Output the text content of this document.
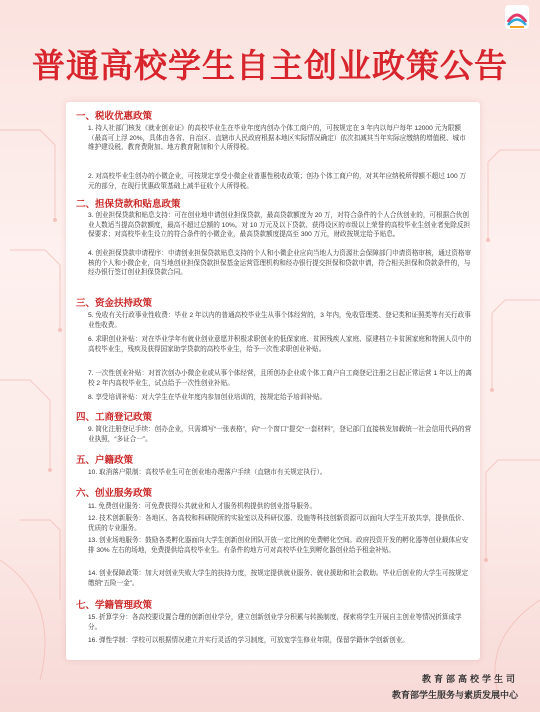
普通高校学生自主创业政策公告
一、税收优惠政策
1. 持人社部门核发《就业创业证》的高校毕业生在毕业年度内创办个体工商户的，可按规定在 3 年内以每户每年 12000 元为限额（最高可上浮 20%，具体由各省、自治区、直辖市人民政府根据本地区实际情况确定）依次扣减其当年实际应缴纳的增值税、城市维护建设税、教育费附加、地方教育附加和个人所得税。
2. 对高校毕业生创办的小微企业，可按规定享受小微企业普惠性税收政策；创办个体工商户的，对其年应纳税所得额不超过 100 万元的部分，在现行优惠政策基础上减半征收个人所得税。
二、担保贷款和贴息政策
3. 创业担保贷款和贴息支持：可在创业地申请创业担保贷款，最高贷款额度为 20 万，对符合条件的个人合伙创业的，可根据合伙创业人数适当提高贷款额度，最高不超过总额的 10%。对 10 万元及以下贷款、获得设区的市级以上荣誉的高校毕业生创业者免除反担保要求；对高校毕业生设立的符合条件的小微企业，最高贷款额度提高至 300 万元，财政按规定给予贴息。
4. 创业担保贷款申请程序：申请创业担保贷款贴息支持的个人和小微企业应向当地人力资源社会保障部门申请资格审核，通过资格审核的个人和小微企业，向当地创业担保贷款担保基金运营管理机构和经办银行提交担保和贷款申请，符合相关担保和贷款条件的，与经办银行签订创业担保贷款合同。
三、资金扶持政策
5. 免收有关行政事业性收费：毕业 2 年以内的普通高校毕业生从事个体经营的，3 年内，免收管理类、登记类和证照类等有关行政事业性收费。
6. 求职创业补贴：对在毕业学年有就业创业意愿并积极求职创业的低保家庭、贫困残疾人家庭、原建档立卡贫困家庭和特困人员中的高校毕业生，残疾及获得国家助学贷款的高校毕业生，给予一次性求职创业补贴。
7. 一次性创业补贴：对首次创办小微企业或从事个体经营，且所创办企业或个体工商户自工商登记注册之日起正常运营 1 年以上的离校 2 年内高校毕业生，试点给予一次性创业补贴。
8. 享受培训补贴：对大学生在毕业年度内参加创业培训的，按规定给予培训补贴。
四、工商登记政策
9. 简化注册登记手续：创办企业，只需填写“一张表格”，向“一个窗口”提交“一套材料”，登记部门直接核发加载统一社会信用代码的营业执照，“多证合一”。
五、户籍政策
10. 取消落户限制：高校毕业生可在创业地办理落户手续（直辖市有关规定执行）。
六、创业服务政策
11. 免费创业服务：可免费获得公共就业和人才服务机构提供的创业指导服务。
12. 技术创新服务：各地区、各高校和科研院所的实验室以及科研仪器、设施等科技创新资源可以面向大学生开放共享，提供低价、优质的专业服务。
13. 创业场地服务：鼓励各类孵化器面向大学生创新创业团队开放一定比例的免费孵化空间。政府投资开发的孵化器等创业载体应安排 30% 左右的场地，免费提供给高校毕业生。有条件的地方可对高校毕业生到孵化器创业给予租金补贴。
14. 创业保障政策：加大对创业失败大学生的扶持力度，按规定提供就业服务、就业援助和社会救助。毕业后创业的大学生可按规定缴纳“五险一金”。
七、学籍管理政策
15. 折算学分：各高校要设置合理的创新创业学分，建立创新创业学分积累与转换制度，探索将学生开展自主创业等情况折算成学分。
16. 弹性学制：学校可以根据情况建立并实行灵活的学习制度，可放宽学生修业年限，保留学籍休学创新创业。
教育部高校学生司
教育部学生服务与素质发展中心
